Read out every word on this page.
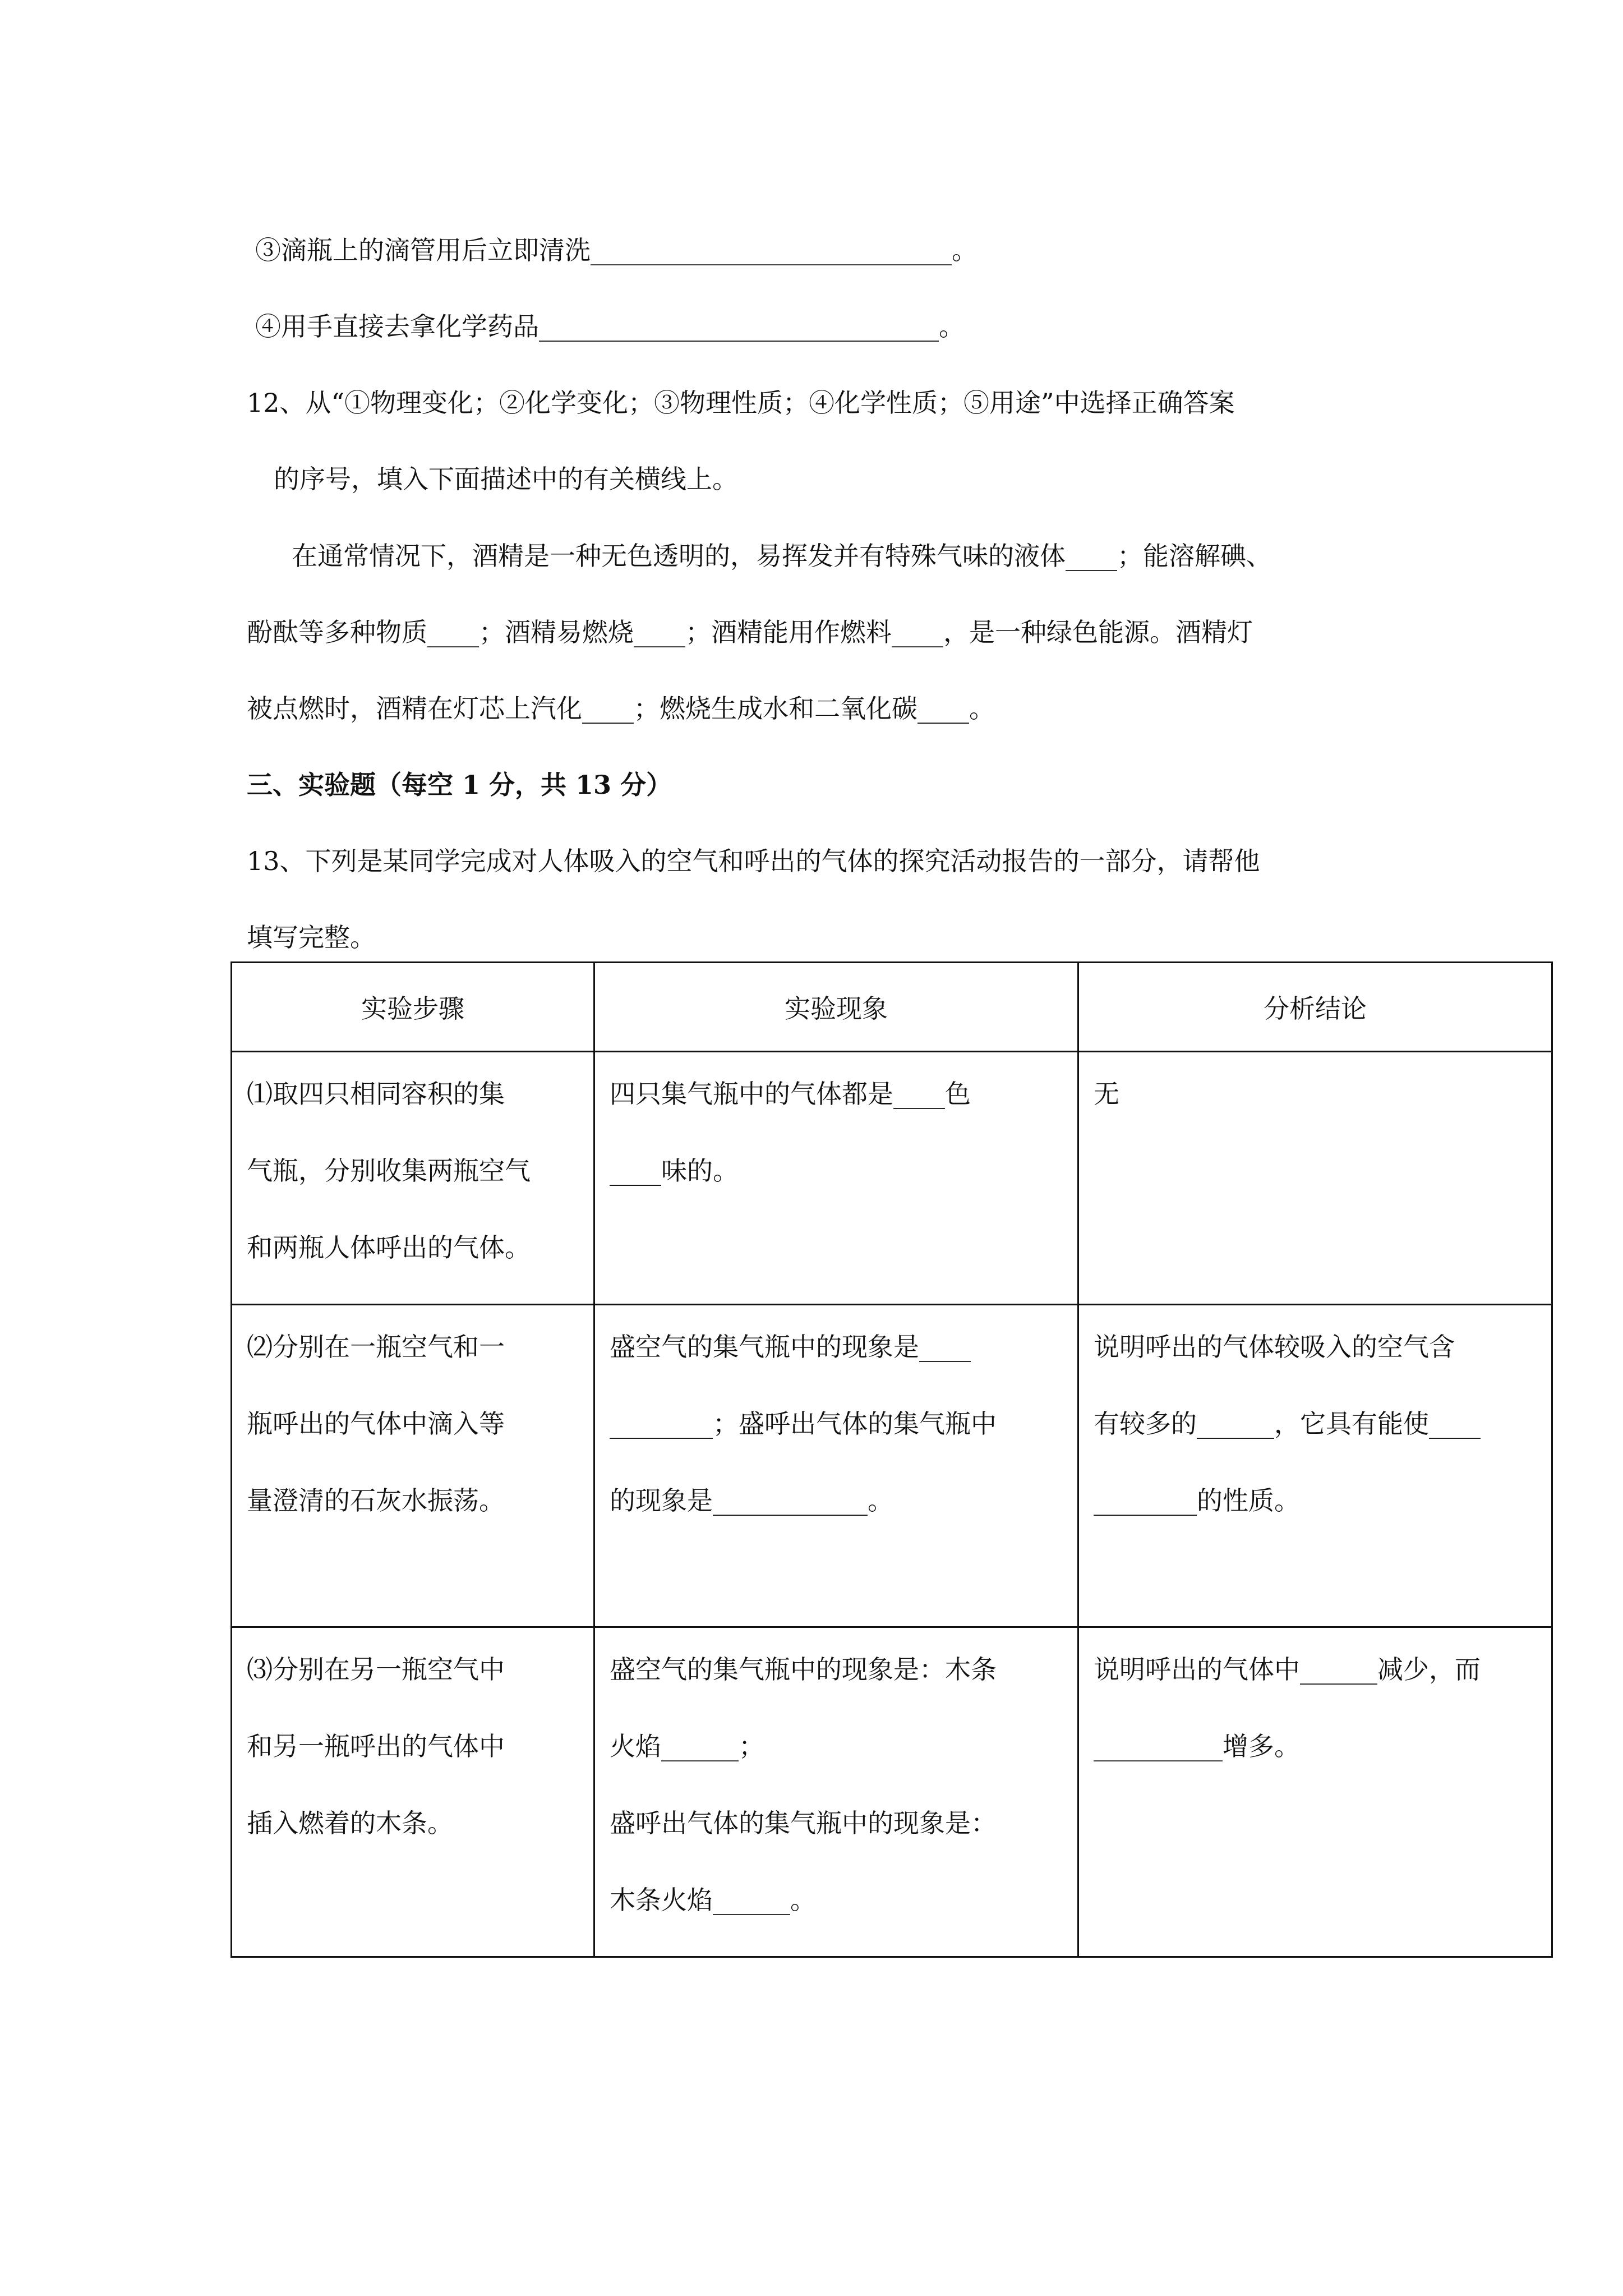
③滴瓶上的滴管用后立即清洗____________________________。
④用手直接去拿化学药品_______________________________。
12、从“①物理变化；②化学变化；③物理性质；④化学性质；⑤用途”中选择正确答案
的序号，填入下面描述中的有关横线上。
在通常情况下，酒精是一种无色透明的，易挥发并有特殊气味的液体____；能溶解碘、
酚酞等多种物质____；酒精易燃烧____；酒精能用作燃料____，是一种绿色能源。酒精灯
被点燃时，酒精在灯芯上汽化____；燃烧生成水和二氧化碳____。
三、实验题（每空 1 分，共 13 分）
13、下列是某同学完成对人体吸入的空气和呼出的气体的探究活动报告的一部分，请帮他
填写完整。
实验步骤	实验现象	分析结论

⑴取四只相同容积的集
气瓶，分别收集两瓶空气
和两瓶人体呼出的气体。	四只集气瓶中的气体都是____色
____味的。	无

⑵分别在一瓶空气和一
瓶呼出的气体中滴入等
量澄清的石灰水振荡。	盛空气的集气瓶中的现象是____
________；盛呼出气体的集气瓶中
的现象是____________。	说明呼出的气体较吸入的空气含
有较多的______，它具有能使____
________的性质。

⑶分别在另一瓶空气中
和另一瓶呼出的气体中
插入燃着的木条。	盛空气的集气瓶中的现象是：木条
火焰______；
盛呼出气体的集气瓶中的现象是：
木条火焰______。	说明呼出的气体中______减少，而
__________增多。
